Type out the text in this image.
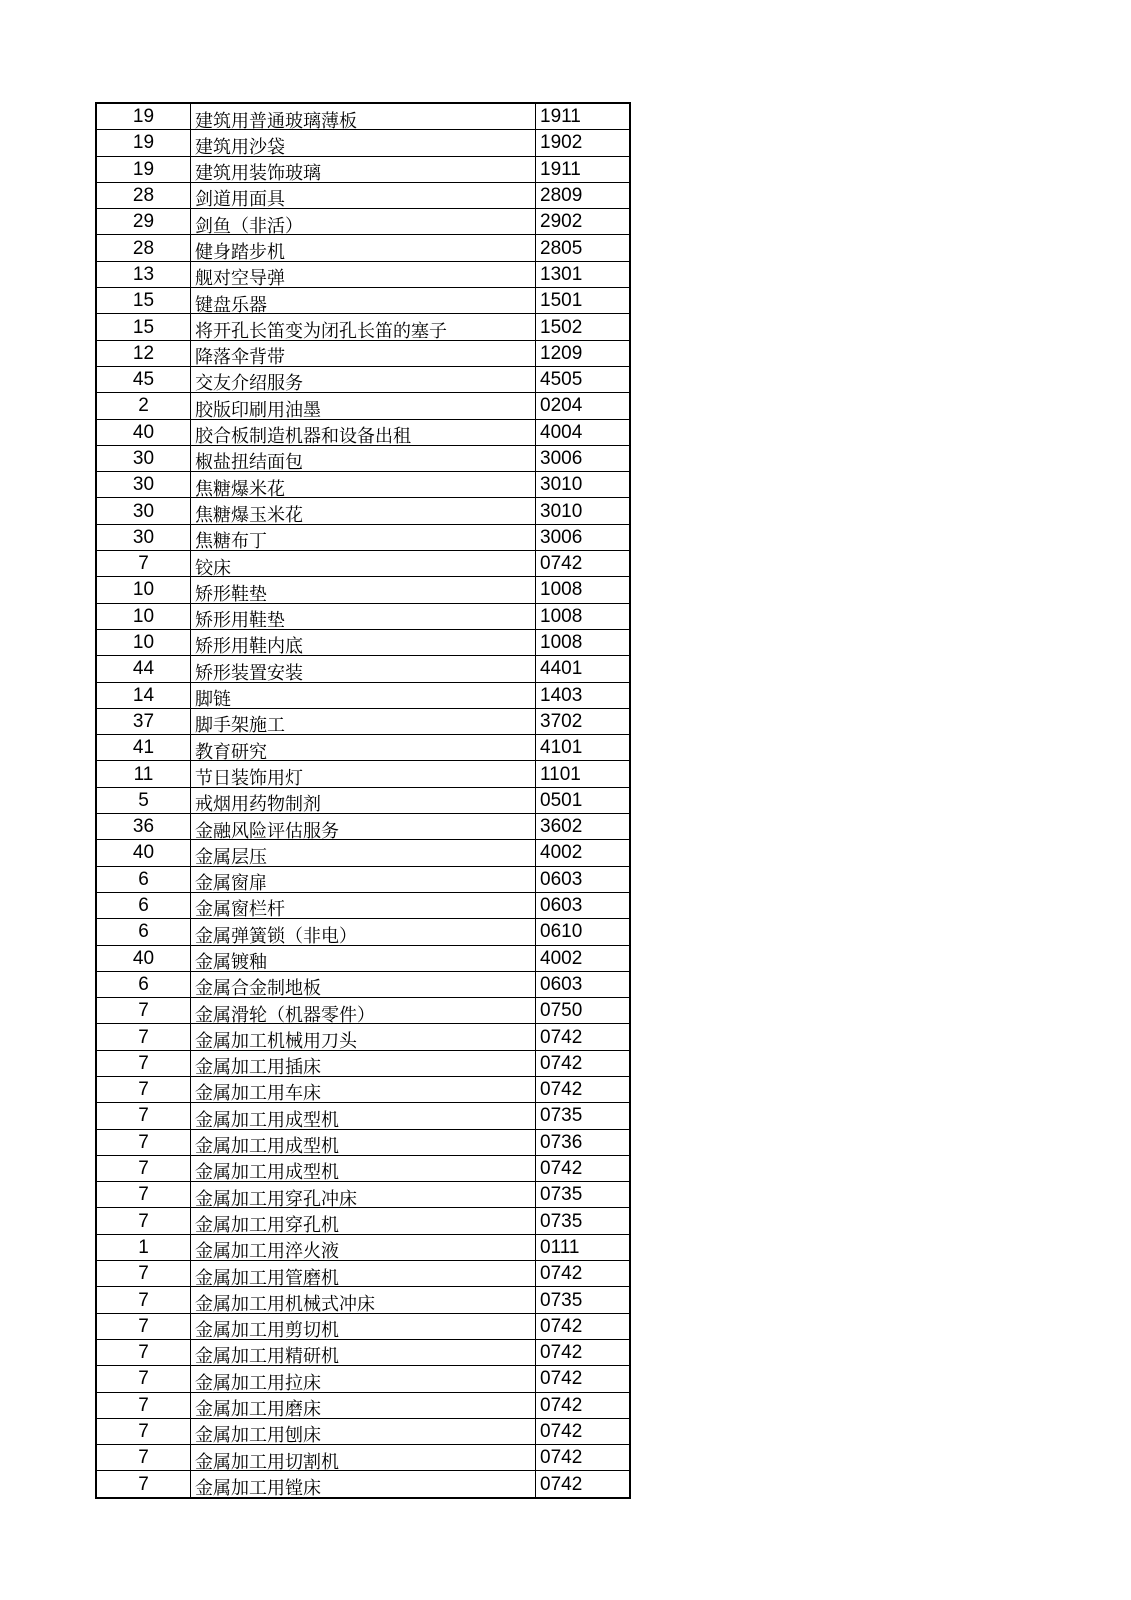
19	建筑用普通玻璃薄板	1911
19	建筑用沙袋	1902
19	建筑用装饰玻璃	1911
28	剑道用面具	2809
29	剑鱼（非活）	2902
28	健身踏步机	2805
13	舰对空导弹	1301
15	键盘乐器	1501
15	将开孔长笛变为闭孔长笛的塞子	1502
12	降落伞背带	1209
45	交友介绍服务	4505
2	胶版印刷用油墨	0204
40	胶合板制造机器和设备出租	4004
30	椒盐扭结面包	3006
30	焦糖爆米花	3010
30	焦糖爆玉米花	3010
30	焦糖布丁	3006
7	铰床	0742
10	矫形鞋垫	1008
10	矫形用鞋垫	1008
10	矫形用鞋内底	1008
44	矫形装置安装	4401
14	脚链	1403
37	脚手架施工	3702
41	教育研究	4101
11	节日装饰用灯	1101
5	戒烟用药物制剂	0501
36	金融风险评估服务	3602
40	金属层压	4002
6	金属窗扉	0603
6	金属窗栏杆	0603
6	金属弹簧锁（非电）	0610
40	金属镀釉	4002
6	金属合金制地板	0603
7	金属滑轮（机器零件）	0750
7	金属加工机械用刀头	0742
7	金属加工用插床	0742
7	金属加工用车床	0742
7	金属加工用成型机	0735
7	金属加工用成型机	0736
7	金属加工用成型机	0742
7	金属加工用穿孔冲床	0735
7	金属加工用穿孔机	0735
1	金属加工用淬火液	0111
7	金属加工用管磨机	0742
7	金属加工用机械式冲床	0735
7	金属加工用剪切机	0742
7	金属加工用精研机	0742
7	金属加工用拉床	0742
7	金属加工用磨床	0742
7	金属加工用刨床	0742
7	金属加工用切割机	0742
7	金属加工用镗床	0742
